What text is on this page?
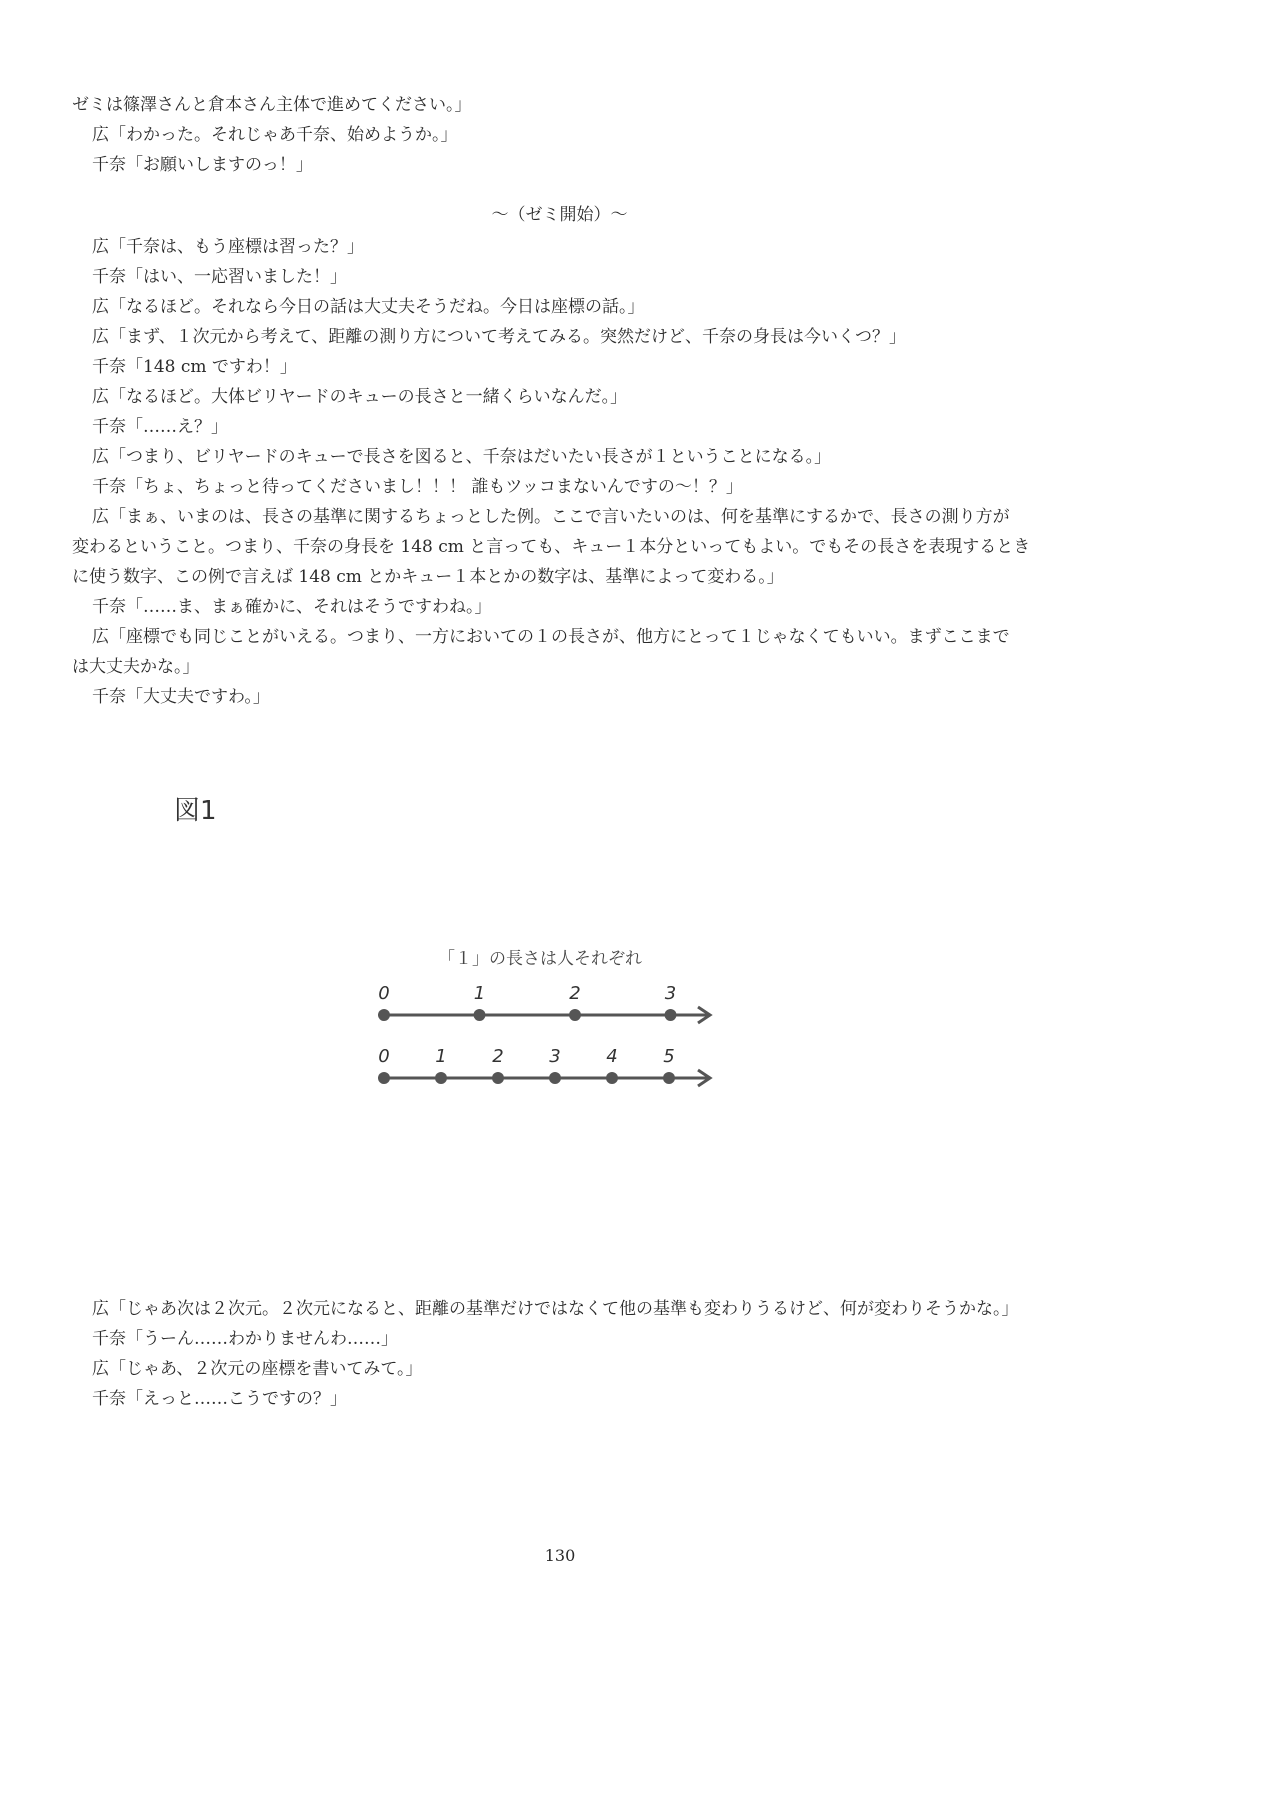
ゼミは篠澤さんと倉本さん主体で進めてください。」
広「わかった。それじゃあ千奈、始めようか。」
千奈「お願いしますのっ！」
～（ゼミ開始）～
広「千奈は、もう座標は習った？」
千奈「はい、一応習いました！」
広「なるほど。それなら今日の話は大丈夫そうだね。今日は座標の話。」
広「まず、１次元から考えて、距離の測り方について考えてみる。突然だけど、千奈の身長は今いくつ？」
千奈「148 cm ですわ！」
広「なるほど。大体ビリヤードのキューの長さと一緒くらいなんだ。」
千奈「……え？」
広「つまり、ビリヤードのキューで長さを図ると、千奈はだいたい長さが１ということになる。」
千奈「ちょ、ちょっと待ってくださいまし！！！ 誰もツッコまないんですの～！？」
広「まぁ、いまのは、長さの基準に関するちょっとした例。ここで言いたいのは、何を基準にするかで、長さの測り方が
変わるということ。つまり、千奈の身長を 148 cm と言っても、キュー１本分といってもよい。でもその長さを表現するとき
に使う数字、この例で言えば 148 cm とかキュー１本とかの数字は、基準によって変わる。」
千奈「……ま、まぁ確かに、それはそうですわね。」
広「座標でも同じことがいえる。つまり、一方においての１の長さが、他方にとって１じゃなくてもいい。まずここまで
は大丈夫かな。」
千奈「大丈夫ですわ。」
図1
「１」の長さは人それぞれ
0	1	2	3
0	1	2	3	4	5
広「じゃあ次は２次元。２次元になると、距離の基準だけではなくて他の基準も変わりうるけど、何が変わりそうかな。」
千奈「うーん……わかりませんわ……」
広「じゃあ、２次元の座標を書いてみて。」
千奈「えっと……こうですの？」
130
